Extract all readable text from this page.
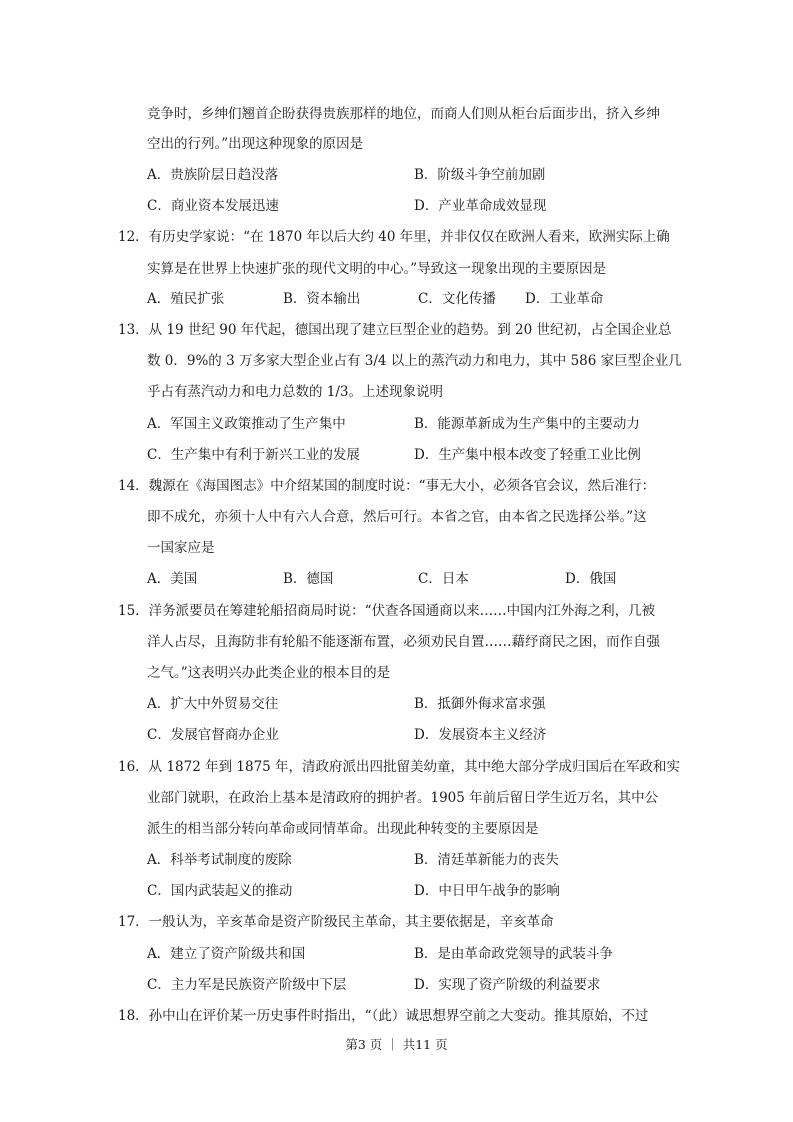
竞争时，乡绅们翘首企盼获得贵族那样的地位，而商人们则从柜台后面步出，挤入乡绅
空出的行列。”出现这种现象的原因是
A．贵族阶层日趋没落	B．阶级斗争空前加剧
C．商业资本发展迅速	D．产业革命成效显现
12．有历史学家说：“在 1870 年以后大约 40 年里，并非仅仅在欧洲人看来，欧洲实际上确
实算是在世界上快速扩张的现代文明的中心。”导致这一现象出现的主要原因是
A．殖民扩张	B．资本输出	C．文化传播 D．工业革命
13．从 19 世纪 90 年代起，德国出现了建立巨型企业的趋势。到 20 世纪初，占全国企业总
数 0．9%的 3 万多家大型企业占有 3/4 以上的蒸汽动力和电力，其中 586 家巨型企业几
乎占有蒸汽动力和电力总数的 1/3。上述现象说明
A．军国主义政策推动了生产集中	B．能源革新成为生产集中的主要动力
C．生产集中有利于新兴工业的发展	D．生产集中根本改变了轻重工业比例
14．魏源在《海国图志》中介绍某国的制度时说：“事无大小，必须各官会议，然后准行：
即不成允，亦须十人中有六人合意，然后可行。本省之官，由本省之民选择公举。”这
一国家应是
A．美国	B．德国	C．日本	D．俄国
15．洋务派要员在筹建轮船招商局时说：“伏查各国通商以来……中国内江外海之利，几被
洋人占尽，且海防非有轮船不能逐渐布置，必须劝民自置……藉纾商民之困，而作自强
之气。”这表明兴办此类企业的根本目的是
A．扩大中外贸易交往	B．抵御外侮求富求强
C．发展官督商办企业	D．发展资本主义经济
16．从 1872 年到 1875 年，清政府派出四批留美幼童，其中绝大部分学成归国后在军政和实
业部门就职，在政治上基本是清政府的拥护者。1905 年前后留日学生近万名，其中公
派生的相当部分转向革命或同情革命。出现此种转变的主要原因是
A．科举考试制度的废除	B．清廷革新能力的丧失
C．国内武装起义的推动	D．中日甲午战争的影响
17．一般认为，辛亥革命是资产阶级民主革命，其主要依据是，辛亥革命
A．建立了资产阶级共和国	B．是由革命政党领导的武装斗争
C．主力军是民族资产阶级中下层	D．实现了资产阶级的利益要求
18．孙中山在评价某一历史事件时指出，“（此）诚思想界空前之大变动。推其原始，不过
第3 页 ｜ 共11 页
